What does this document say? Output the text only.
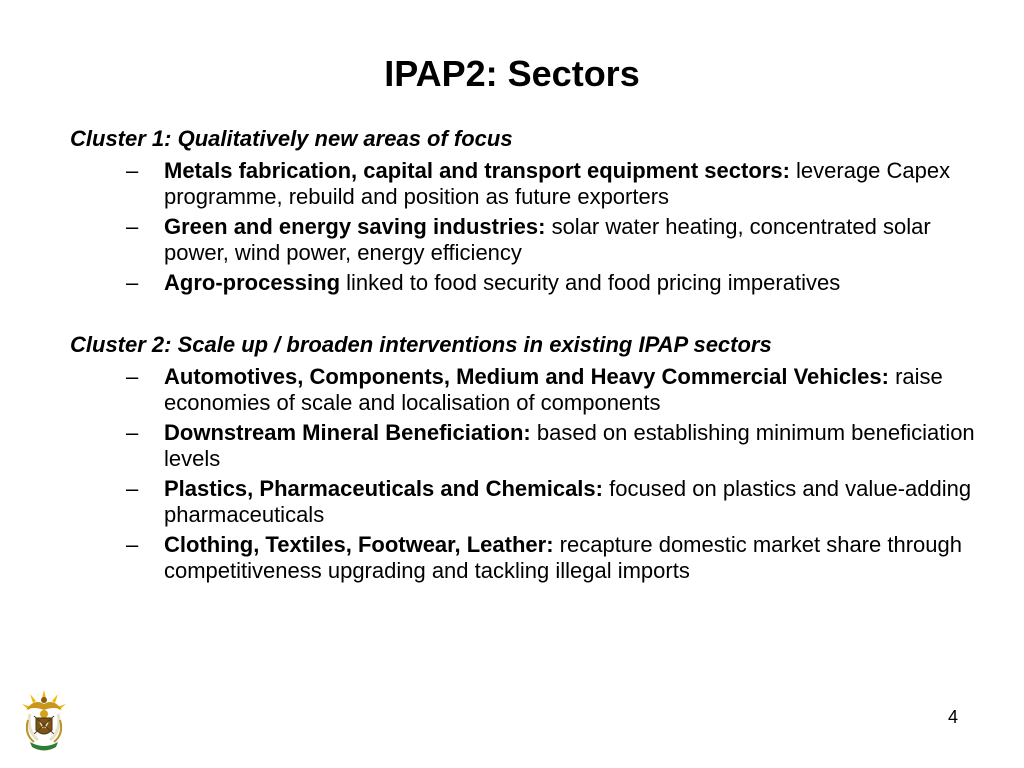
IPAP2: Sectors
Cluster 1: Qualitatively new areas of focus
– Metals fabrication, capital and transport equipment sectors: leverage Capex programme, rebuild and position as future exporters
– Green and energy saving industries: solar water heating, concentrated solar power, wind power, energy efficiency
– Agro-processing linked to food security and food pricing imperatives
Cluster 2: Scale up / broaden interventions in existing IPAP sectors
– Automotives, Components, Medium and Heavy Commercial Vehicles: raise economies of scale and localisation of components
– Downstream Mineral Beneficiation: based on establishing minimum beneficiation levels
– Plastics, Pharmaceuticals and Chemicals: focused on plastics and value-adding pharmaceuticals
– Clothing, Textiles, Footwear, Leather: recapture domestic market share through competitiveness upgrading and tackling illegal imports
4
